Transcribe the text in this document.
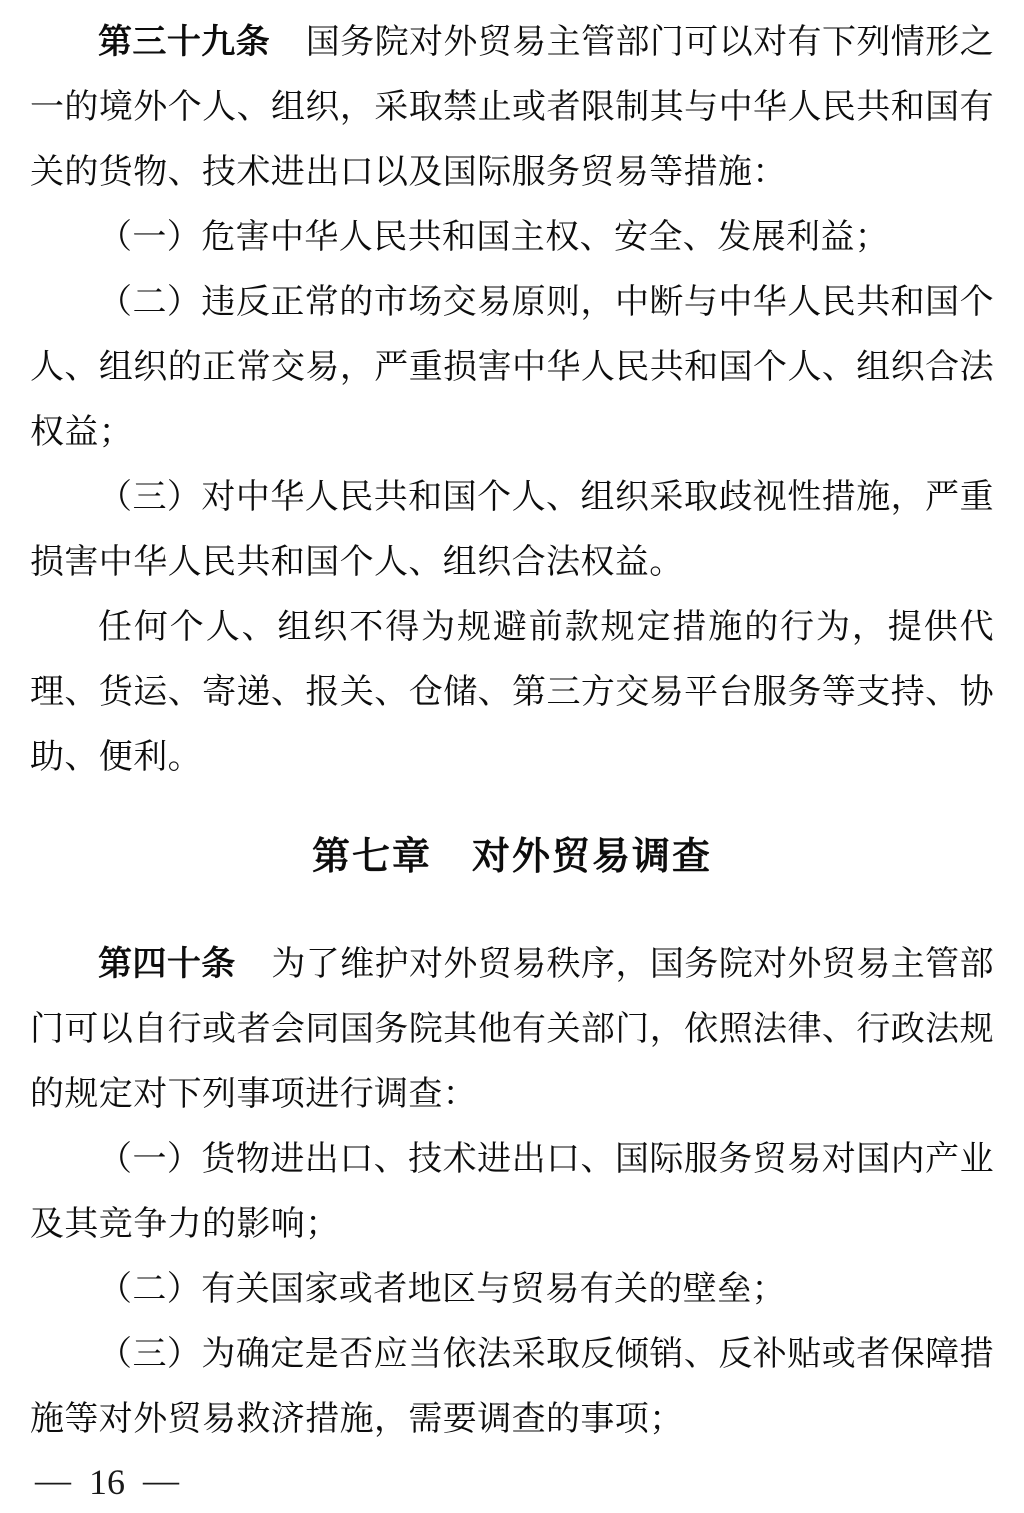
第三十九条 国务院对外贸易主管部门可以对有下列情形之一的境外个人、组织，采取禁止或者限制其与中华人民共和国有关的货物、技术进出口以及国际服务贸易等措施：

（一）危害中华人民共和国主权、安全、发展利益；

（二）违反正常的市场交易原则，中断与中华人民共和国个人、组织的正常交易，严重损害中华人民共和国个人、组织合法权益；

（三）对中华人民共和国个人、组织采取歧视性措施，严重损害中华人民共和国个人、组织合法权益。

任何个人、组织不得为规避前款规定措施的行为，提供代理、货运、寄递、报关、仓储、第三方交易平台服务等支持、协助、便利。

第七章　对外贸易调查

第四十条 为了维护对外贸易秩序，国务院对外贸易主管部门可以自行或者会同国务院其他有关部门，依照法律、行政法规的规定对下列事项进行调查：

（一）货物进出口、技术进出口、国际服务贸易对国内产业及其竞争力的影响；

（二）有关国家或者地区与贸易有关的壁垒；

（三）为确定是否应当依法采取反倾销、反补贴或者保障措施等对外贸易救济措施，需要调查的事项；

— 16 —
